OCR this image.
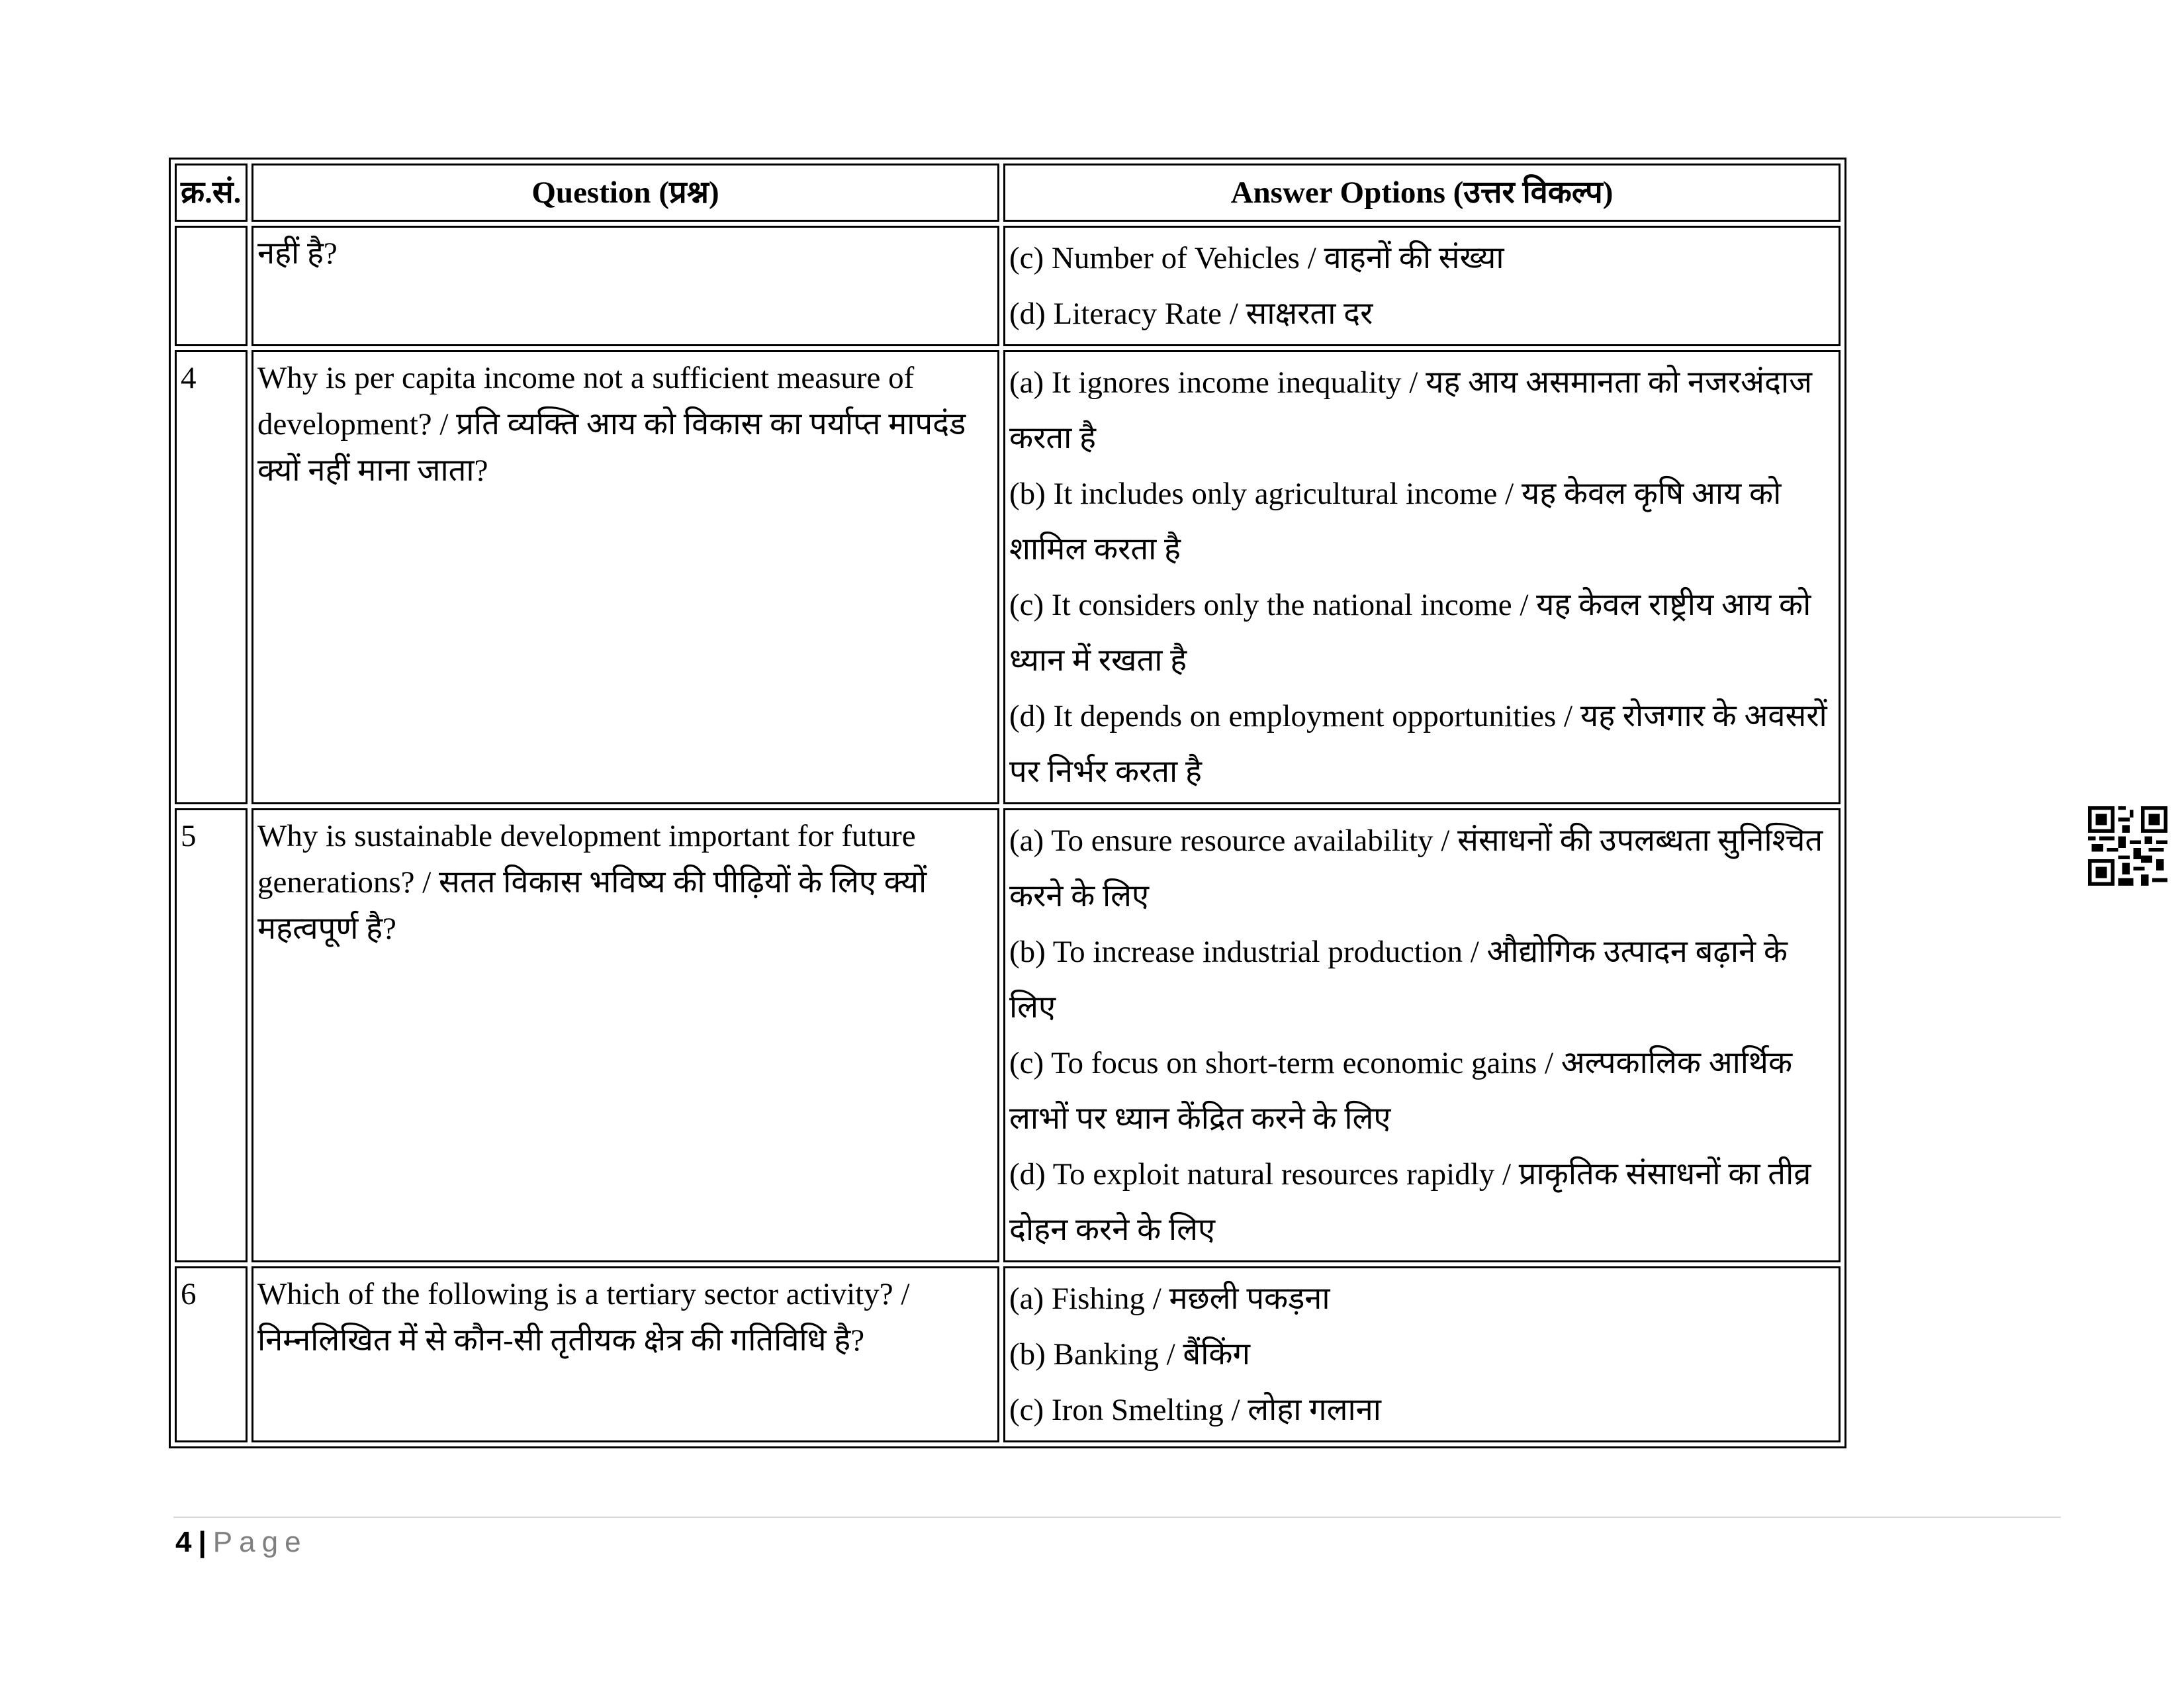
क्र.सं.	Question (प्रश्न)	Answer Options (उत्तर विकल्प)
	नहीं है?	(c) Number of Vehicles / वाहनों की संख्या
(d) Literacy Rate / साक्षरता दर

4	Why is per capita income not a sufficient measure of development? / प्रति व्यक्ति आय को विकास का पर्याप्त मापदंड क्यों नहीं माना जाता?	(a) It ignores income inequality / यह आय असमानता को नजरअंदाज करता है
(b) It includes only agricultural income / यह केवल कृषि आय को शामिल करता है
(c) It considers only the national income / यह केवल राष्ट्रीय आय को ध्यान में रखता है
(d) It depends on employment opportunities / यह रोजगार के अवसरों पर निर्भर करता है

5	Why is sustainable development important for future generations? / सतत विकास भविष्य की पीढ़ियों के लिए क्यों महत्वपूर्ण है?	(a) To ensure resource availability / संसाधनों की उपलब्धता सुनिश्चित करने के लिए
(b) To increase industrial production / औद्योगिक उत्पादन बढ़ाने के लिए
(c) To focus on short-term economic gains / अल्पकालिक आर्थिक लाभों पर ध्यान केंद्रित करने के लिए
(d) To exploit natural resources rapidly / प्राकृतिक संसाधनों का तीव्र दोहन करने के लिए

6	Which of the following is a tertiary sector activity? / निम्नलिखित में से कौन-सी तृतीयक क्षेत्र की गतिविधि है?	(a) Fishing / मछली पकड़ना
(b) Banking / बैंकिंग
(c) Iron Smelting / लोहा गलाना
4 | Page
